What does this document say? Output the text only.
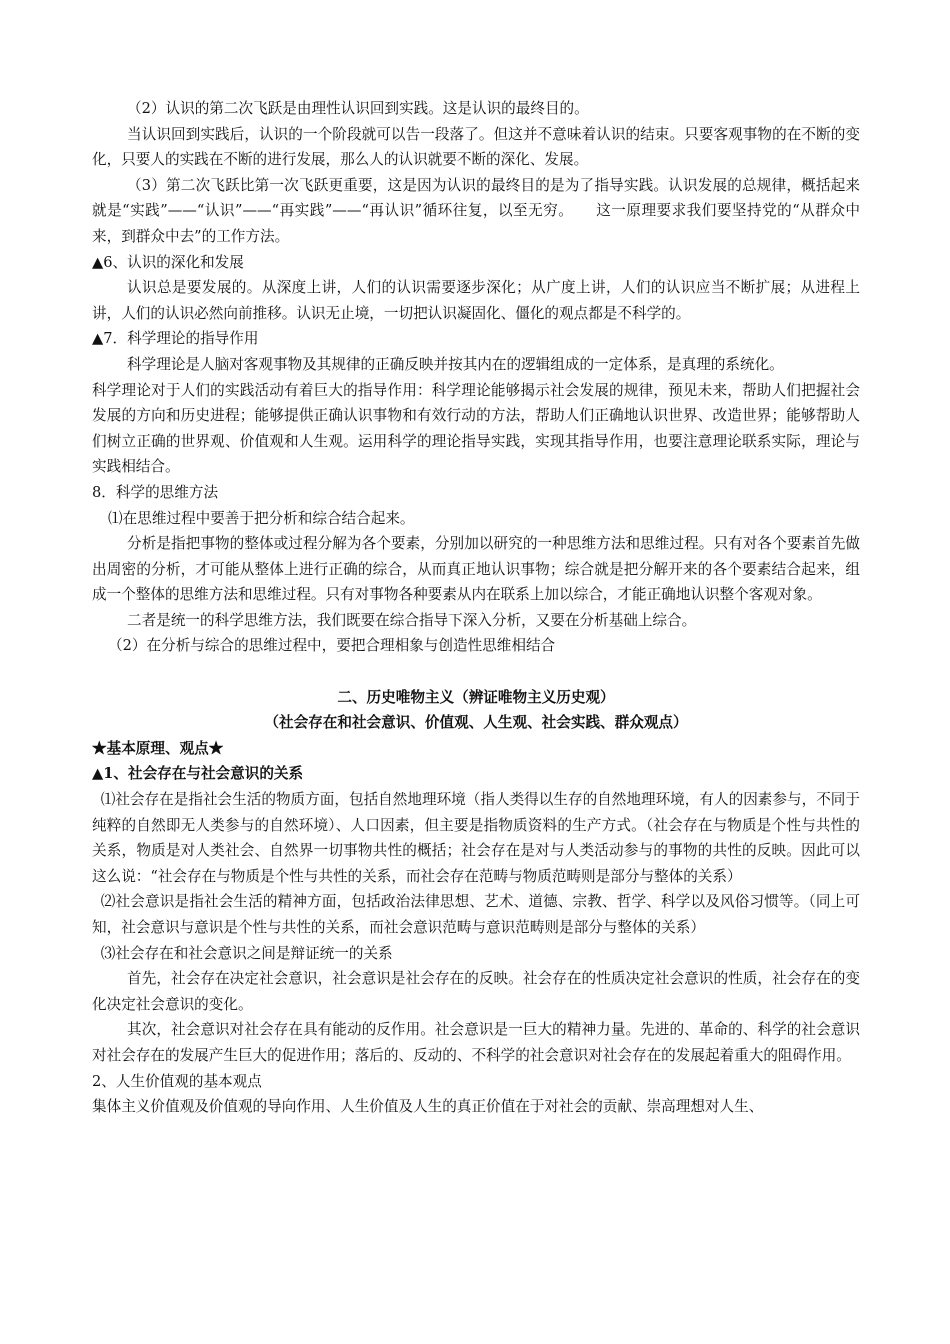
（2）认识的第二次飞跃是由理性认识回到实践。这是认识的最终目的。

当认识回到实践后，认识的一个阶段就可以告一段落了。但这并不意味着认识的结束。只要客观事物的在不断的变化，只要人的实践在不断的进行发展，那么人的认识就要不断的深化、发展。

（3）第二次飞跃比第一次飞跃更重要，这是因为认识的最终目的是为了指导实践。认识发展的总规律，概括起来就是“实践”——“认识”——“再实践”——“再认识”循环往复，以至无穷。　　这一原理要求我们要坚持党的“从群众中来，到群众中去”的工作方法。

▲6、认识的深化和发展

认识总是要发展的。从深度上讲，人们的认识需要逐步深化；从广度上讲，人们的认识应当不断扩展；从进程上讲，人们的认识必然向前推移。认识无止境，一切把认识凝固化、僵化的观点都是不科学的。

▲7．科学理论的指导作用

科学理论是人脑对客观事物及其规律的正确反映并按其内在的逻辑组成的一定体系，是真理的系统化。

科学理论对于人们的实践活动有着巨大的指导作用：科学理论能够揭示社会发展的规律，预见未来，帮助人们把握社会发展的方向和历史进程；能够提供正确认识事物和有效行动的方法，帮助人们正确地认识世界、改造世界；能够帮助人们树立正确的世界观、价值观和人生观。运用科学的理论指导实践，实现其指导作用，也要注意理论联系实际，理论与实践相结合。

8．科学的思维方法

⑴在思维过程中要善于把分析和综合结合起来。

分析是指把事物的整体或过程分解为各个要素，分别加以研究的一种思维方法和思维过程。只有对各个要素首先做出周密的分析，才可能从整体上进行正确的综合，从而真正地认识事物；综合就是把分解开来的各个要素结合起来，组成一个整体的思维方法和思维过程。只有对事物各种要素从内在联系上加以综合，才能正确地认识整个客观对象。

二者是统一的科学思维方法，我们既要在综合指导下深入分析，又要在分析基础上综合。

（2）在分析与综合的思维过程中，要把合理相象与创造性思维相结合

二、历史唯物主义（辨证唯物主义历史观）

（社会存在和社会意识、价值观、人生观、社会实践、群众观点）

★基本原理、观点★

▲1、社会存在与社会意识的关系

⑴社会存在是指社会生活的物质方面，包括自然地理环境（指人类得以生存的自然地理环境，有人的因素参与，不同于纯粹的自然即无人类参与的自然环境）、人口因素，但主要是指物质资料的生产方式。（社会存在与物质是个性与共性的关系，物质是对人类社会、自然界一切事物共性的概括；社会存在是对与人类活动参与的事物的共性的反映。因此可以这么说：“社会存在与物质是个性与共性的关系，而社会存在范畴与物质范畴则是部分与整体的关系）

⑵社会意识是指社会生活的精神方面，包括政治法律思想、艺术、道德、宗教、哲学、科学以及风俗习惯等。（同上可知，社会意识与意识是个性与共性的关系，而社会意识范畴与意识范畴则是部分与整体的关系）

⑶社会存在和社会意识之间是辩证统一的关系

首先，社会存在决定社会意识，社会意识是社会存在的反映。社会存在的性质决定社会意识的性质，社会存在的变化决定社会意识的变化。

其次，社会意识对社会存在具有能动的反作用。社会意识是一巨大的精神力量。先进的、革命的、科学的社会意识对社会存在的发展产生巨大的促进作用；落后的、反动的、不科学的社会意识对社会存在的发展起着重大的阻碍作用。

2、人生价值观的基本观点

集体主义价值观及价值观的导向作用、人生价值及人生的真正价值在于对社会的贡献、崇高理想对人生、
